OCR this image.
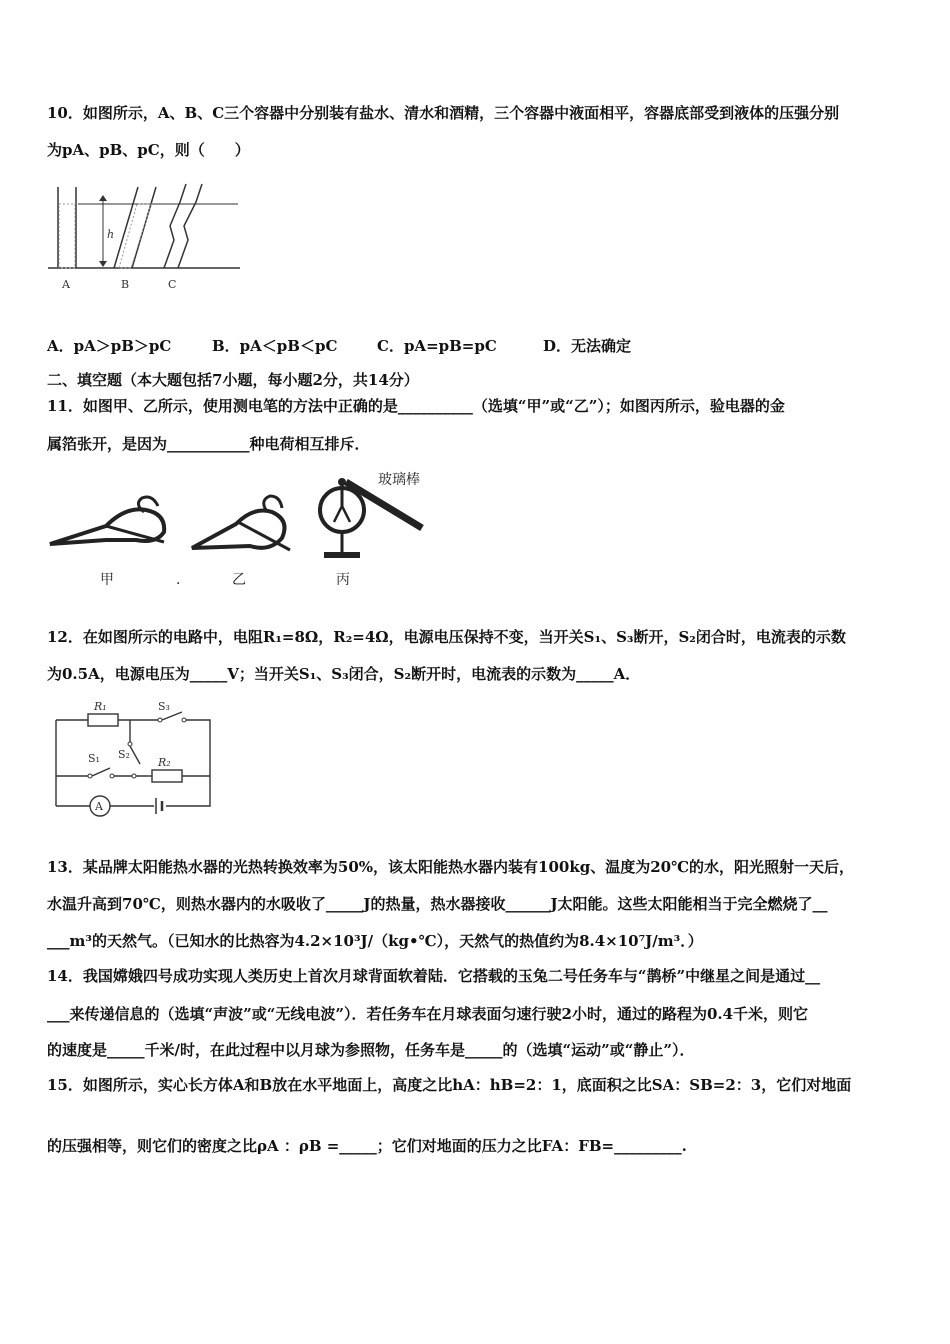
10．如图所示，A、B、C三个容器中分别装有盐水、清水和酒精，三个容器中液面相平，容器底部受到液体的压强分别
为pA、pB、pC，则（　　）
h
A	B	C
A．pA＞pB＞pC	B．pA＜pB＜pC	C．pA=pB=pC	D．无法确定
二、填空题（本大题包括7小题，每小题2分，共14分）
11．如图甲、乙所示，使用测电笔的方法中正确的是__________（选填“甲”或“乙”）；如图丙所示，验电器的金
属箔张开，是因为___________种电荷相互排斥．
玻璃棒
甲	.	乙	丙
12．在如图所示的电路中，电阻R₁=8Ω，R₂=4Ω，电源电压保持不变，当开关S₁、S₃断开，S₂闭合时，电流表的示数
为0.5A，电源电压为_____V；当开关S₁、S₃闭合，S₂断开时，电流表的示数为_____A．
A
R₁	S₃
S₁ S₂
R₂
13．某品牌太阳能热水器的光热转换效率为50%，该太阳能热水器内装有100kg、温度为20℃的水，阳光照射一天后，
水温升高到70℃，则热水器内的水吸收了_____J的热量，热水器接收______J太阳能。这些太阳能相当于完全燃烧了__
___m³的天然气。（已知水的比热容为4.2×10³J/（kg•℃），天然气的热值约为8.4×10⁷J/m³．）
14．我国嫦娥四号成功实现人类历史上首次月球背面软着陆．它搭载的玉兔二号任务车与“鹊桥”中继星之间是通过__
___来传递信息的（选填“声波”或“无线电波”）．若任务车在月球表面匀速行驶2小时，通过的路程为0.4千米，则它
的速度是_____千米/时，在此过程中以月球为参照物，任务车是_____的（选填“运动”或“静止”）．
15．如图所示，实心长方体A和B放在水平地面上，高度之比hA：hB=2：1，底面积之比SA：SB=2：3，它们对地面
的压强相等，则它们的密度之比ρA ：ρB =_____；它们对地面的压力之比FA：FB=_________.
